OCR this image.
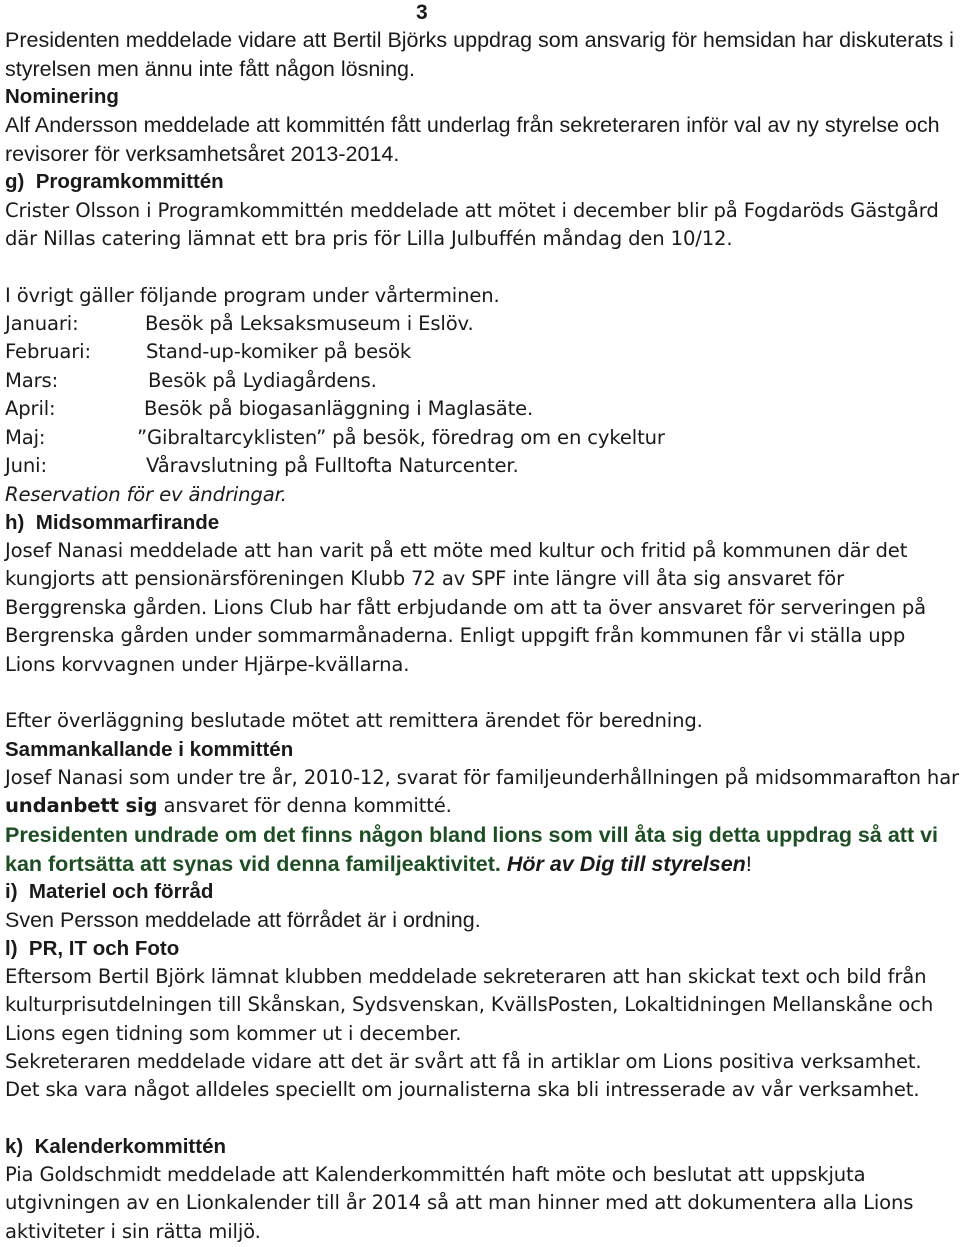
3

Presidenten meddelade vidare att Bertil Björks uppdrag som ansvarig för hemsidan har diskuterats i styrelsen men ännu inte fått någon lösning.

Nominering

Alf Andersson meddelade att kommittén fått underlag från sekreteraren inför val av ny styrelse och revisorer för verksamhetsåret 2013-2014.

g)  Programkommittén

Crister Olsson i Programkommittén meddelade att mötet i december blir på Fogdaröds Gästgård där Nillas catering lämnat ett bra pris för Lilla Julbuffén måndag den 10/12.

I övrigt gäller följande program under vårterminen.

Januari:	Besök på Leksaksmuseum i Eslöv.
Februari:	Stand-up-komiker på besök
Mars:	Besök på Lydiagårdens.
April:	Besök på biogasanläggning i Maglasäte.
Maj:	”Gibraltarcyklisten” på besök, föredrag om en cykeltur
Juni:	Våravslutning på Fulltofta Naturcenter.

Reservation för ev ändringar.

h)  Midsommarfirande

Josef Nanasi meddelade att han varit på ett möte med kultur och fritid på kommunen där det kungjorts att pensionärsföreningen Klubb 72 av SPF inte längre vill åta sig ansvaret för Berggrenska gården. Lions Club har fått erbjudande om att ta över ansvaret för serveringen på Bergrenska gården under sommarmånaderna. Enligt uppgift från kommunen får vi ställa upp Lions korvvagnen under Hjärpe-kvällarna.

Efter överläggning beslutade mötet att remittera ärendet för beredning.

Sammankallande i kommittén

Josef Nanasi som under tre år, 2010-12, svarat för familjeunderhållningen på midsommarafton har undanbett sig ansvaret för denna kommitté.

Presidenten undrade om det finns någon bland lions som vill åta sig detta uppdrag så att vi kan fortsätta att synas vid denna familjeaktivitet. Hör av Dig till styrelsen!

i)  Materiel och förråd

Sven Persson meddelade att förrådet är i ordning.

l)  PR, IT och Foto

Eftersom Bertil Björk lämnat klubben meddelade sekreteraren att han skickat text och bild från kulturprisutdelningen till Skånskan, Sydsvenskan, KvällsPosten, Lokaltidningen Mellanskåne och Lions egen tidning som kommer ut i december.

Sekreteraren meddelade vidare att det är svårt att få in artiklar om Lions positiva verksamhet. Det ska vara något alldeles speciellt om journalisterna ska bli intresserade av vår verksamhet.

k)  Kalenderkommittén

Pia Goldschmidt meddelade att Kalenderkommittén haft möte och beslutat att uppskjuta utgivningen av en Lionkalender till år 2014 så att man hinner med att dokumentera alla Lions aktiviteter i sin rätta miljö.
